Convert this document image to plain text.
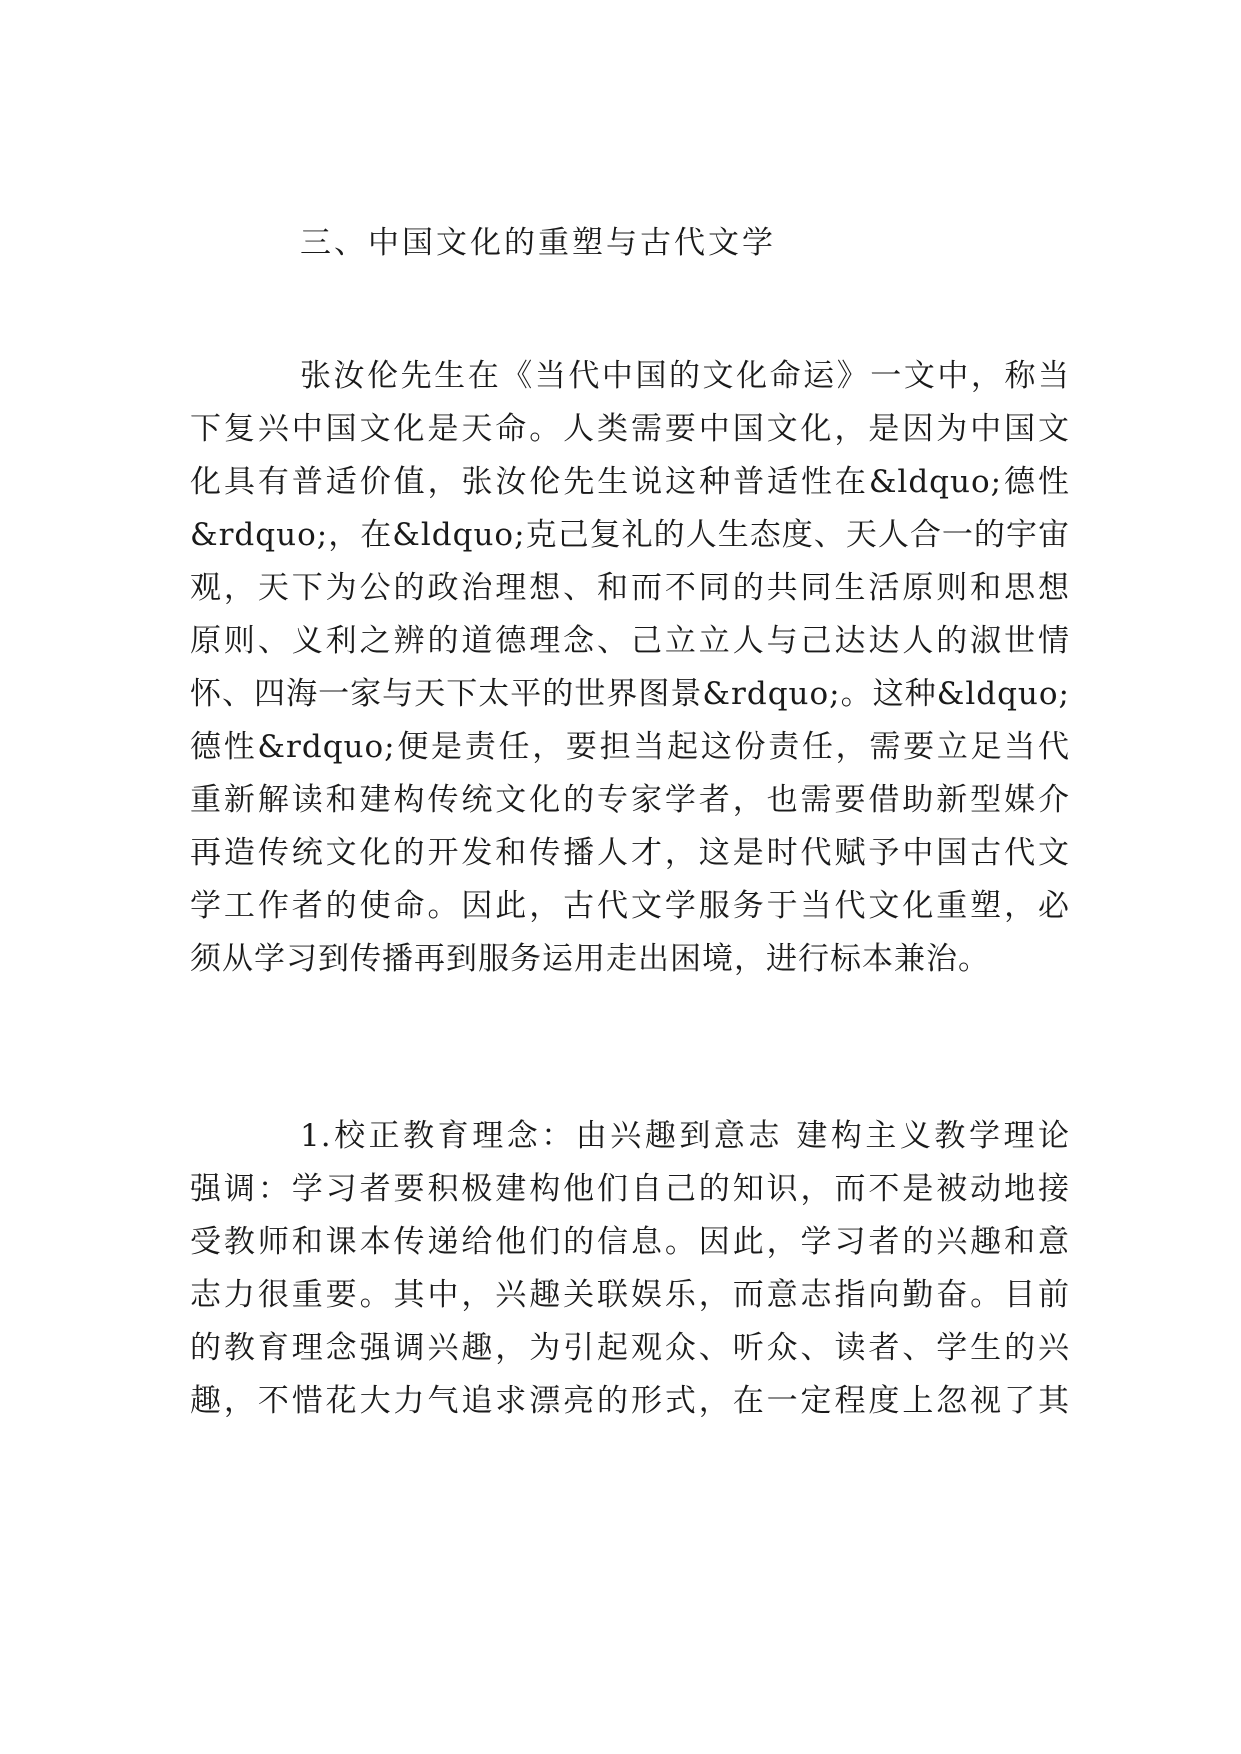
三、中国文化的重塑与古代文学

张汝伦先生在《当代中国的文化命运》一文中，称当

下复兴中国文化是天命。人类需要中国文化，是因为中国文

化具有普适价值，张汝伦先生说这种普适性在&ldquo;德性

&rdquo;，在&ldquo;克己复礼的人生态度、天人合一的宇宙

观，天下为公的政治理想、和而不同的共同生活原则和思想

原则、义利之辨的道德理念、己立立人与己达达人的淑世情

怀、四海一家与天下太平的世界图景&rdquo;。这种&ldquo;

德性&rdquo;便是责任，要担当起这份责任，需要立足当代

重新解读和建构传统文化的专家学者，也需要借助新型媒介

再造传统文化的开发和传播人才，这是时代赋予中国古代文

学工作者的使命。因此，古代文学服务于当代文化重塑，必

须从学习到传播再到服务运用走出困境，进行标本兼治。

1.校正教育理念：由兴趣到意志 建构主义教学理论

强调：学习者要积极建构他们自己的知识，而不是被动地接

受教师和课本传递给他们的信息。因此，学习者的兴趣和意

志力很重要。其中，兴趣关联娱乐，而意志指向勤奋。目前

的教育理念强调兴趣，为引起观众、听众、读者、学生的兴

趣，不惜花大力气追求漂亮的形式，在一定程度上忽视了其
